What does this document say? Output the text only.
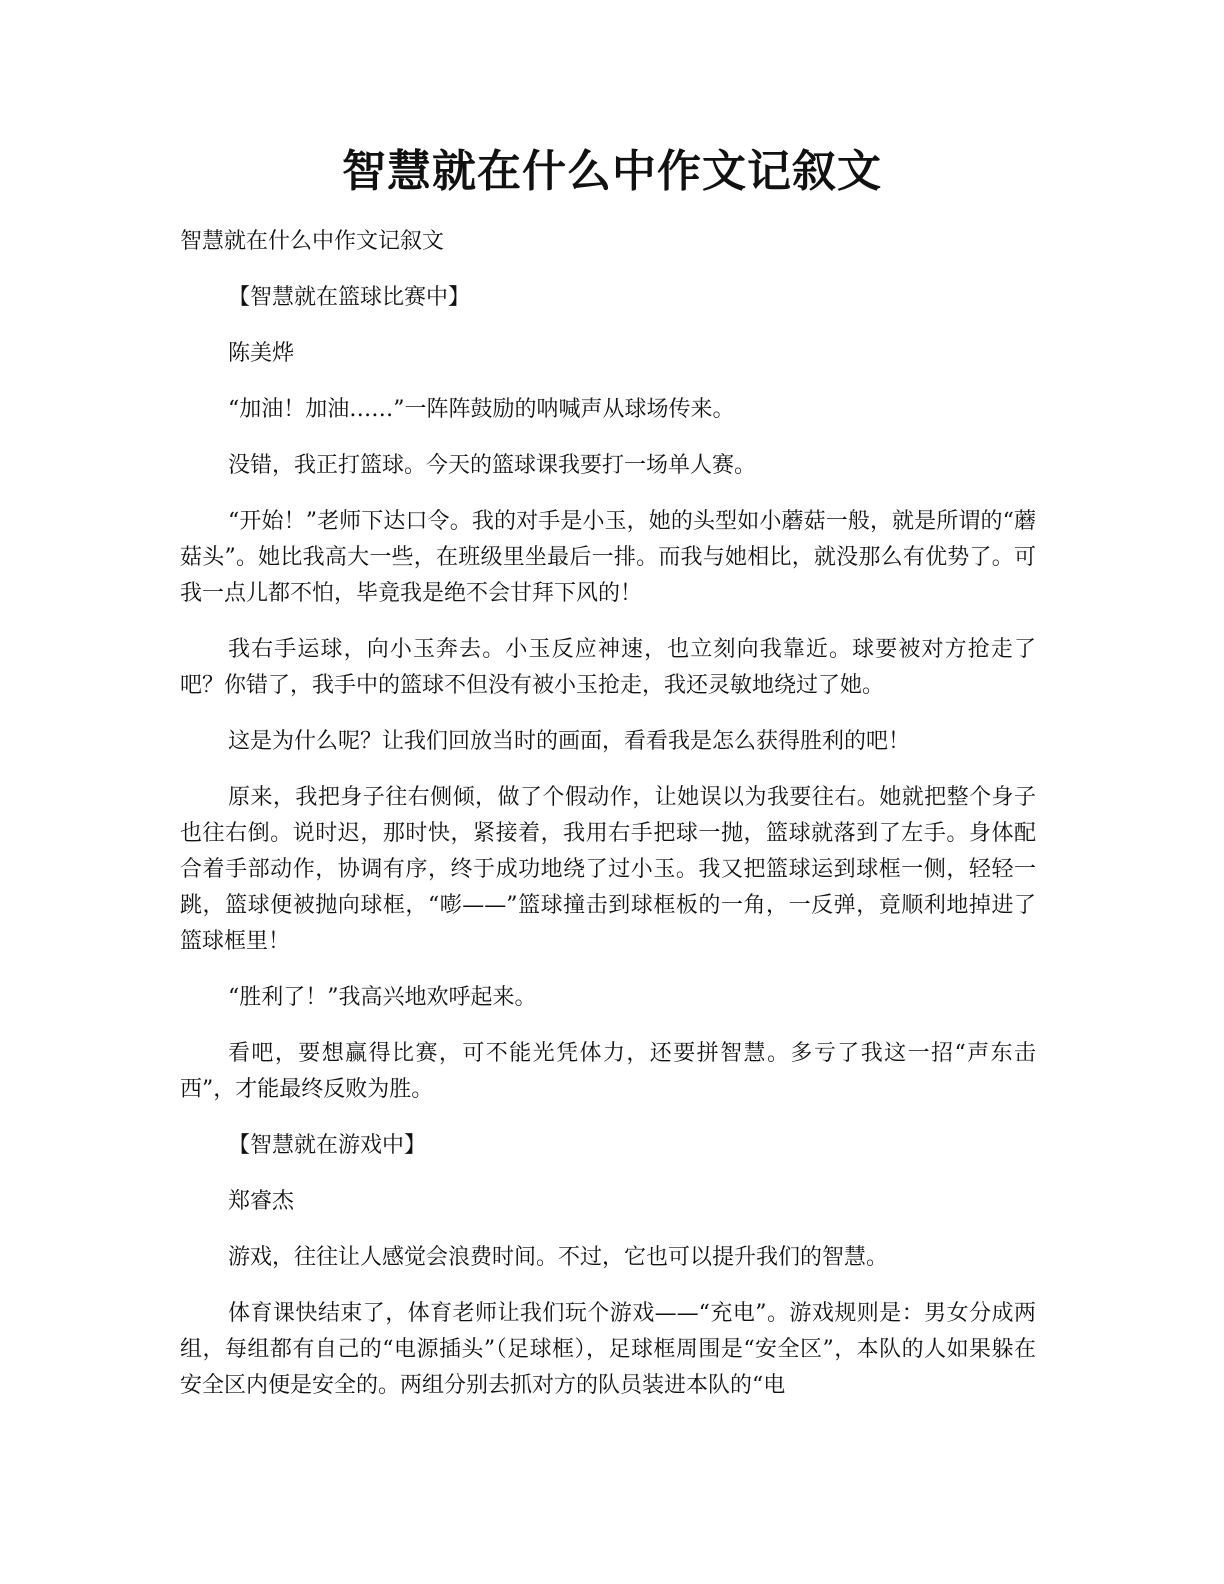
智慧就在什么中作文记叙文

智慧就在什么中作文记叙文

【智慧就在篮球比赛中】

陈美烨

“加油！加油……”一阵阵鼓励的呐喊声从球场传来。

没错，我正打篮球。今天的篮球课我要打一场单人赛。

“开始！”老师下达口令。我的对手是小玉，她的头型如小蘑菇一般，就是所谓的“蘑菇头”。她比我高大一些，在班级里坐最后一排。而我与她相比，就没那么有优势了。可我一点儿都不怕，毕竟我是绝不会甘拜下风的！

我右手运球，向小玉奔去。小玉反应神速，也立刻向我靠近。球要被对方抢走了吧？你错了，我手中的篮球不但没有被小玉抢走，我还灵敏地绕过了她。

这是为什么呢？让我们回放当时的画面，看看我是怎么获得胜利的吧！

原来，我把身子往右侧倾，做了个假动作，让她误以为我要往右。她就把整个身子也往右倒。说时迟，那时快，紧接着，我用右手把球一抛，篮球就落到了左手。身体配合着手部动作，协调有序，终于成功地绕了过小玉。我又把篮球运到球框一侧，轻轻一跳，篮球便被抛向球框，“嘭——”篮球撞击到球框板的一角，一反弹，竟顺利地掉进了篮球框里！

“胜利了！”我高兴地欢呼起来。

看吧，要想赢得比赛，可不能光凭体力，还要拼智慧。多亏了我这一招“声东击西”，才能最终反败为胜。

【智慧就在游戏中】

郑睿杰

游戏，往往让人感觉会浪费时间。不过，它也可以提升我们的智慧。

体育课快结束了，体育老师让我们玩个游戏——“充电”。游戏规则是：男女分成两组，每组都有自己的“电源插头”（足球框），足球框周围是“安全区”，本队的人如果躲在安全区内便是安全的。两组分别去抓对方的队员装进本队的“电
